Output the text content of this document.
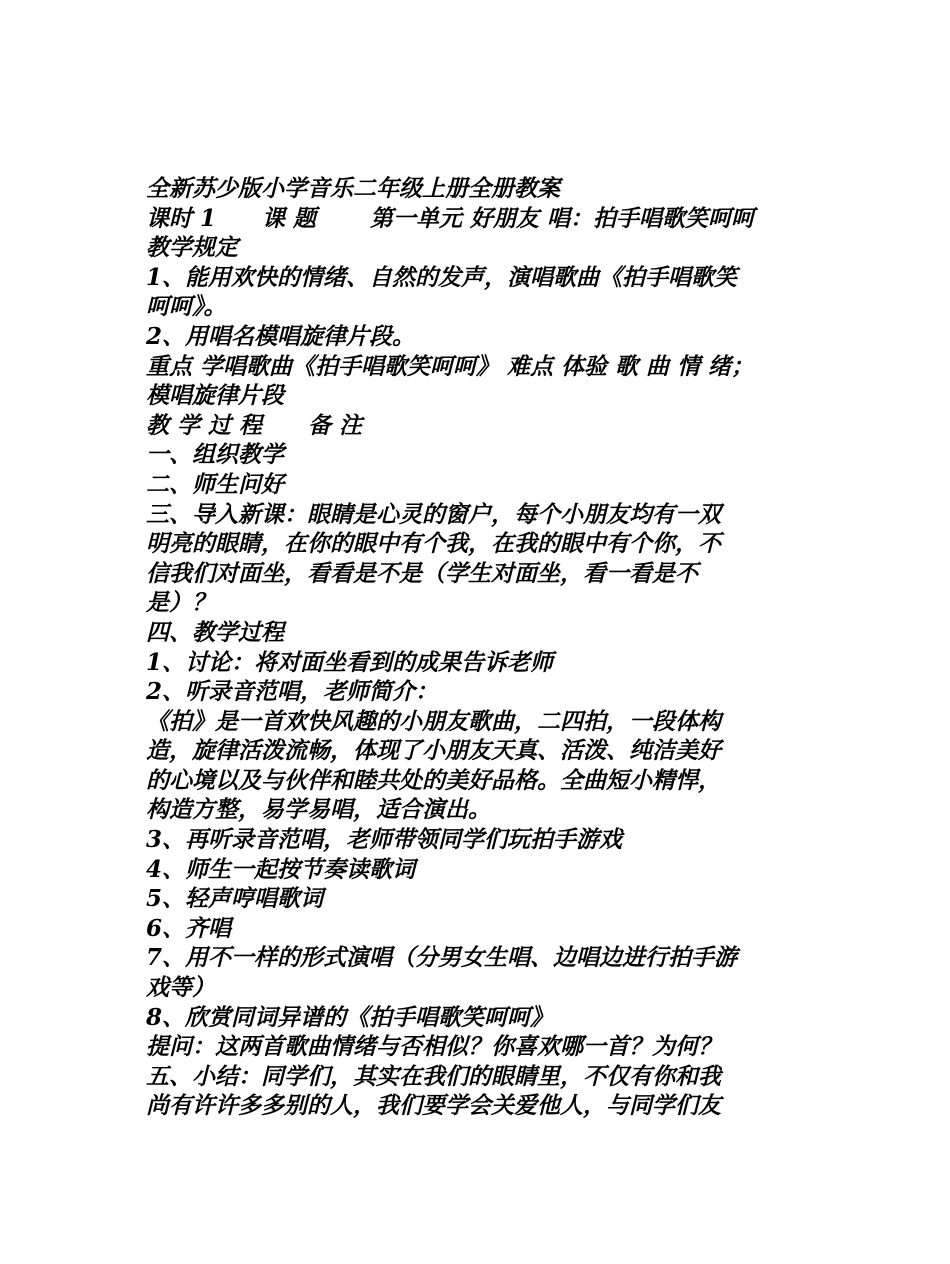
全新苏少版小学音乐二年级上册全册教案
课时 1　　课 题　　 第一单元 好朋友 唱：拍手唱歌笑呵呵
教学规定
1、能用欢快的情绪、自然的发声，演唱歌曲《拍手唱歌笑
呵呵》。
2、用唱名模唱旋律片段。
重点 学唱歌曲《拍手唱歌笑呵呵》 难点 体验 歌 曲 情 绪；
模唱旋律片段
教 学 过 程　　备 注
一、组织教学
二、师生问好
三、导入新课：眼睛是心灵的窗户，每个小朋友均有一双
明亮的眼睛，在你的眼中有个我，在我的眼中有个你，不
信我们对面坐，看看是不是（学生对面坐，看一看是不
是）？
四、教学过程
1、讨论：将对面坐看到的成果告诉老师
2、听录音范唱，老师简介：
《拍》是一首欢快风趣的小朋友歌曲，二四拍，一段体构
造，旋律活泼流畅，体现了小朋友天真、活泼、纯洁美好
的心境以及与伙伴和睦共处的美好品格。全曲短小精悍，
构造方整，易学易唱，适合演出。
3、再听录音范唱，老师带领同学们玩拍手游戏
4、师生一起按节奏读歌词
5、轻声哼唱歌词
6、齐唱
7、用不一样的形式演唱（分男女生唱、边唱边进行拍手游
戏等）
8、欣赏同词异谱的《拍手唱歌笑呵呵》
提问：这两首歌曲情绪与否相似？你喜欢哪一首？为何？
五、小结：同学们，其实在我们的眼睛里，不仅有你和我
尚有许许多多别的人，我们要学会关爱他人，与同学们友
